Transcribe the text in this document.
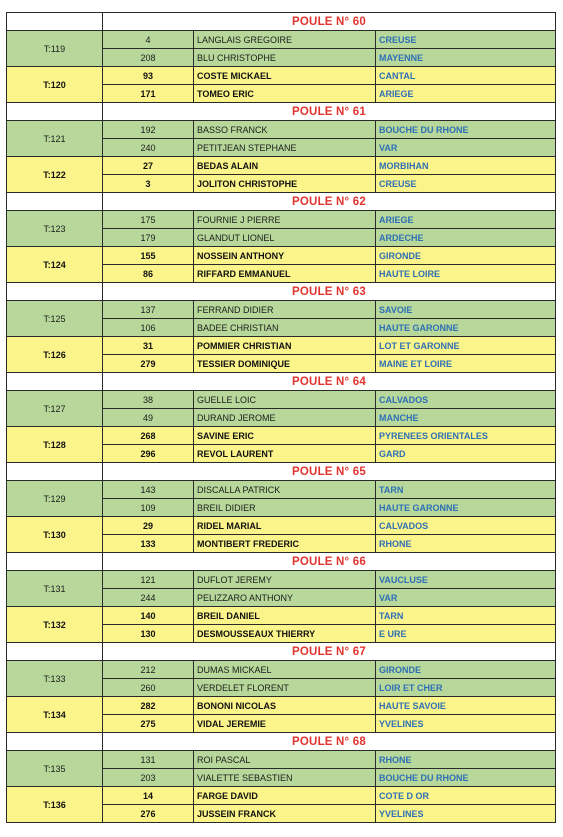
	POULE N° 60		
T:119	4	LANGLAIS GREGOIRE	CREUSE
	208	BLU CHRISTOPHE	MAYENNE
T:120	93	COSTE MICKAEL	CANTAL
	171	TOMEO ERIC	ARIEGE
	POULE N° 61		
T:121	192	BASSO FRANCK	BOUCHE DU RHONE
	240	PETITJEAN STEPHANE	VAR
T:122	27	BEDAS ALAIN	MORBIHAN
	3	JOLITON CHRISTOPHE	CREUSE
	POULE N° 62		
T:123	175	FOURNIE J PIERRE	ARIEGE
	179	GLANDUT LIONEL	ARDECHE
T:124	155	NOSSEIN ANTHONY	GIRONDE
	86	RIFFARD EMMANUEL	HAUTE LOIRE
	POULE N° 63		
T:125	137	FERRAND DIDIER	SAVOIE
	106	BADEE CHRISTIAN	HAUTE GARONNE
T:126	31	POMMIER CHRISTIAN	LOT ET GARONNE
	279	TESSIER DOMINIQUE	MAINE ET LOIRE
	POULE N° 64		
T:127	38	GUELLE LOIC	CALVADOS
	49	DURAND JEROME	MANCHE
T:128	268	SAVINE ERIC	PYRENEES ORIENTALES
	296	REVOL LAURENT	GARD
	POULE N° 65		
T:129	143	DISCALLA PATRICK	TARN
	109	BREIL DIDIER	HAUTE GARONNE
T:130	29	RIDEL MARIAL	CALVADOS
	133	MONTIBERT FREDERIC	RHONE
	POULE N° 66		
T:131	121	DUFLOT JEREMY	VAUCLUSE
	244	PELIZZARO ANTHONY	VAR
T:132	140	BREIL DANIEL	TARN
	130	DESMOUSSEAUX THIERRY	E URE
	POULE N° 67		
T:133	212	DUMAS MICKAEL	GIRONDE
	260	VERDELET FLORENT	LOIR ET CHER
T:134	282	BONONI NICOLAS	HAUTE SAVOIE
	275	VIDAL JEREMIE	YVELINES
	POULE N° 68		
T:135	131	ROI PASCAL	RHONE
	203	VIALETTE SEBASTIEN	BOUCHE DU RHONE
T:136	14	FARGE DAVID	COTE D OR
	276	JUSSEIN FRANCK	YVELINES
